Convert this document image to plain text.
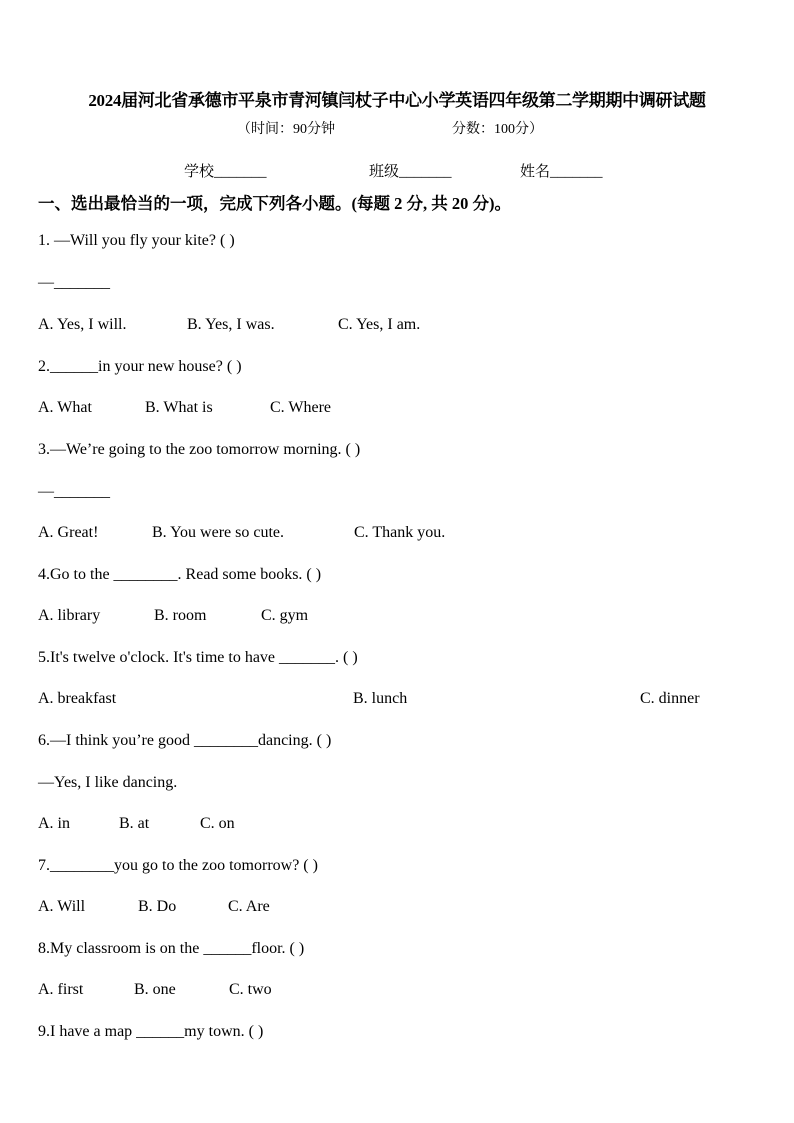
2024届河北省承德市平泉市青河镇闫杖子中心小学英语四年级第二学期期中调研试题
（时间：90分钟	分数：100分）
学校_______	班级_______	姓名_______
一、选出最恰当的一项，完成下列各小题。(每题 2 分, 共 20 分)。
1. —Will you fly your kite? ( )
—_______
A. Yes, I will.	B. Yes, I was.	C. Yes, I am.
2.______in your new house? ( )
A. What	B. What is	C. Where
3.—We’re going to the zoo tomorrow morning. ( )
—_______
A. Great!	B. You were so cute.	C. Thank you.
4.Go to the ________. Read some books. ( )
A. library	B. room	C. gym
5.It's twelve o'clock. It's time to have _______. ( )
A. breakfast	B. lunch	C. dinner
6.—I think you’re good ________dancing. ( )
—Yes, I like dancing.
A. in	B. at	C. on
7.________you go to the zoo tomorrow? ( )
A. Will	B. Do	C. Are
8.My classroom is on the ______floor. ( )
A. first	B. one	C. two
9.I have a map ______my town. ( )
